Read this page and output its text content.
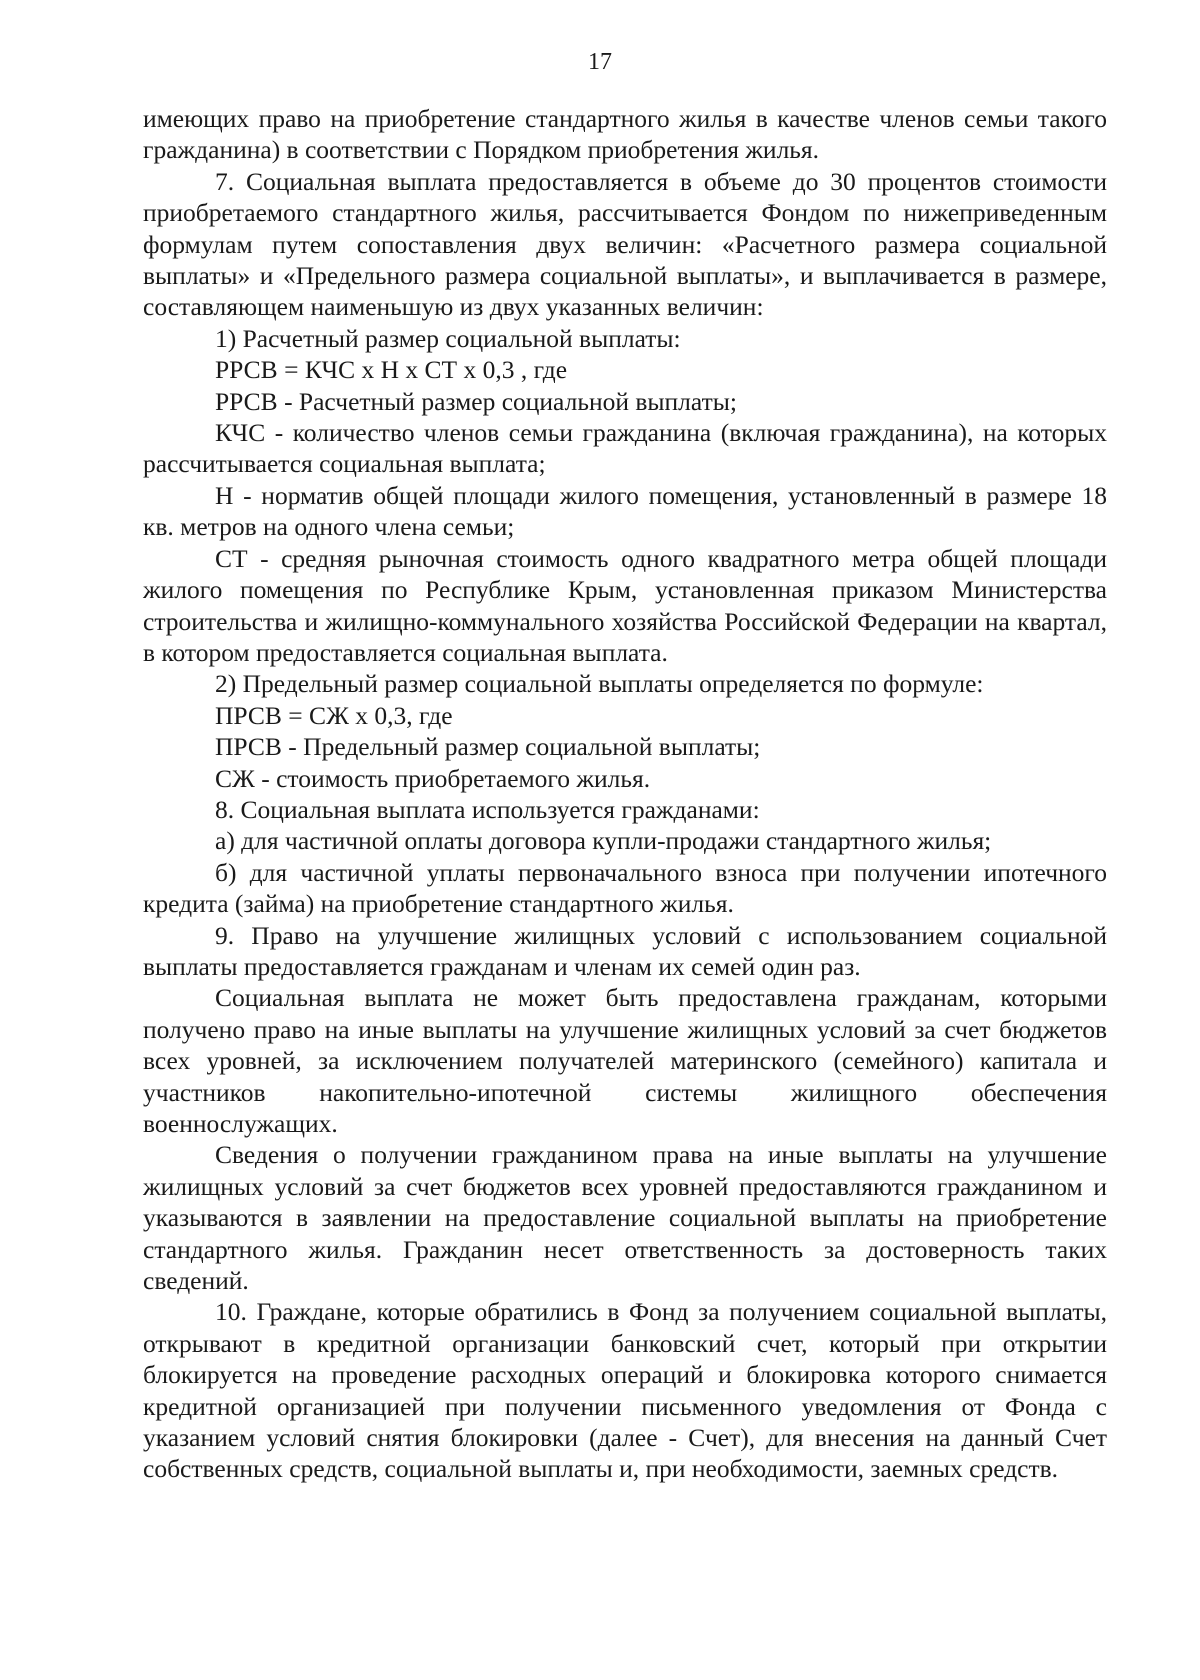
17

имеющих право на приобретение стандартного жилья в качестве членов семьи такого гражданина) в соответствии с Порядком приобретения жилья.

7. Социальная выплата предоставляется в объеме до 30 процентов стоимости приобретаемого стандартного жилья, рассчитывается Фондом по нижеприведенным формулам путем сопоставления двух величин: «Расчетного размера социальной выплаты» и «Предельного размера социальной выплаты», и выплачивается в размере, составляющем наименьшую из двух указанных величин:

1) Расчетный размер социальной выплаты:

РРСВ = КЧС х Н х СТ х 0,3 , где

РРСВ - Расчетный размер социальной выплаты;

КЧС - количество членов семьи гражданина (включая гражданина), на которых рассчитывается социальная выплата;

Н - норматив общей площади жилого помещения, установленный в размере 18 кв. метров на одного члена семьи;

СТ - средняя рыночная стоимость одного квадратного метра общей площади жилого помещения по Республике Крым, установленная приказом Министерства строительства и жилищно-коммунального хозяйства Российской Федерации на квартал, в котором предоставляется социальная выплата.

2) Предельный размер социальной выплаты определяется по формуле:

ПРСВ = СЖ х 0,3, где

ПРСВ - Предельный размер социальной выплаты;

СЖ - стоимость приобретаемого жилья.

8. Социальная выплата используется гражданами:

а) для частичной оплаты договора купли-продажи стандартного жилья;

б) для частичной уплаты первоначального взноса при получении ипотечного кредита (займа) на приобретение стандартного жилья.

9. Право на улучшение жилищных условий с использованием социальной выплаты предоставляется гражданам и членам их семей один раз.

Социальная выплата не может быть предоставлена гражданам, которыми получено право на иные выплаты на улучшение жилищных условий за счет бюджетов всех уровней, за исключением получателей материнского (семейного) капитала и участников накопительно-ипотечной системы жилищного обеспечения военнослужащих.

Сведения о получении гражданином права на иные выплаты на улучшение жилищных условий за счет бюджетов всех уровней предоставляются гражданином и указываются в заявлении на предоставление социальной выплаты на приобретение стандартного жилья. Гражданин несет ответственность за достоверность таких сведений.

10. Граждане, которые обратились в Фонд за получением социальной выплаты, открывают в кредитной организации банковский счет, который при открытии блокируется на проведение расходных операций и блокировка которого снимается кредитной организацией при получении письменного уведомления от Фонда с указанием условий снятия блокировки (далее - Счет), для внесения на данный Счет собственных средств, социальной выплаты и, при необходимости, заемных средств.
